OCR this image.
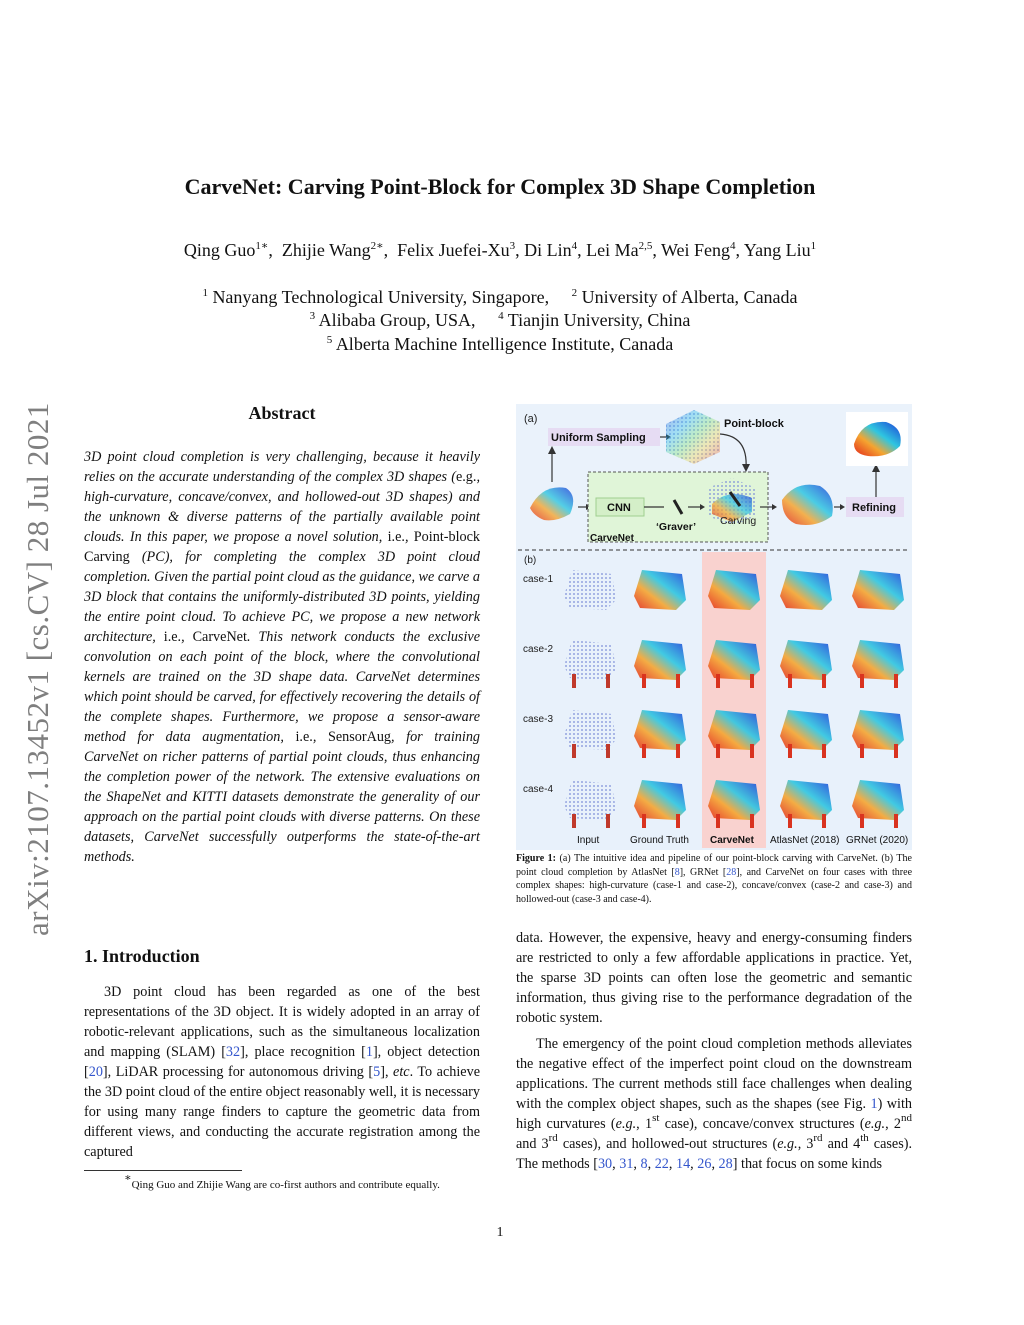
arXiv:2107.13452v1 [cs.CV] 28 Jul 2021
CarveNet: Carving Point-Block for Complex 3D Shape Completion
Qing Guo$^{1∗}$,  Zhijie Wang$^{2∗}$,  Felix Juefei-Xu$^3$, Di Lin$^4$, Lei Ma$^{2,5}$, Wei Feng$^4$, Yang Liu$^1$
$^1$ Nanyang Technological University, Singapore, $^2$ University of Alberta, Canada
$^3$ Alibaba Group, USA, $^4$ Tianjin University, China
$^5$ Alberta Machine Intelligence Institute, Canada
Abstract
3D point cloud completion is very challenging, because it heavily relies on the accurate understanding of the complex 3D shapes (e.g., high-curvature, concave/convex, and hollowed-out 3D shapes) and the unknown & diverse patterns of the partially available point clouds. In this paper, we propose a novel solution, i.e., Point-block Carving (PC), for completing the complex 3D point cloud completion. Given the partial point cloud as the guidance, we carve a 3D block that contains the uniformly-distributed 3D points, yielding the entire point cloud. To achieve PC, we propose a new network architecture, i.e., CarveNet. This network conducts the exclusive convolution on each point of the block, where the convolutional kernels are trained on the 3D shape data. CarveNet determines which point should be carved, for effectively recovering the details of the complete shapes. Furthermore, we propose a sensor-aware method for data augmentation, i.e., SensorAug, for training CarveNet on richer patterns of partial point clouds, thus enhancing the completion power of the network. The extensive evaluations on the ShapeNet and KITTI datasets demonstrate the generality of our approach on the partial point clouds with diverse patterns. On these datasets, CarveNet successfully outperforms the state-of-the-art methods.
1. Introduction
3D point cloud has been regarded as one of the best representations of the 3D object. It is widely adopted in an array of robotic-relevant applications, such as the simultaneous localization and mapping (SLAM) [32], place recognition [1], object detection [20], LiDAR processing for autonomous driving [5], etc. To achieve the 3D point cloud of the entire object reasonably well, it is necessary for using many range finders to capture the geometric data from different views, and conducting the accurate registration among the captured
∗Qing Guo and Zhijie Wang are co-first authors and contribute equally.
data. However, the expensive, heavy and energy-consuming finders are restricted to only a few affordable applications in practice. Yet, the sparse 3D points can often lose the geometric and semantic information, thus giving rise to the performance degradation of the robotic system.
The emergency of the point cloud completion methods alleviates the negative effect of the imperfect point cloud on the downstream applications. The current methods still face challenges when dealing with the complex object shapes, such as the shapes (see Fig. 1) with high curvatures (e.g., 1st case), concave/convex structures (e.g., 2nd and 3rd cases), and hollowed-out structures (e.g., 3rd and 4th cases). The methods [30, 31, 8, 22, 14, 26, 28] that focus on some kinds
(a)
Uniform Sampling
Point-block
CarveNet
CNN
‘Graver’ Carving
Refining
(b)
case-1
case-2
case-3
case-4
Input	Ground Truth CarveNet AtlasNet (2018) GRNet (2020)
Figure 1: (a) The intuitive idea and pipeline of our point-block carving with CarveNet. (b) The point cloud completion by AtlasNet [8], GRNet [28], and CarveNet on four cases with three complex shapes: high-curvature (case-1 and case-2), concave/convex (case-2 and case-3) and hollowed-out (case-3 and case-4).
1
